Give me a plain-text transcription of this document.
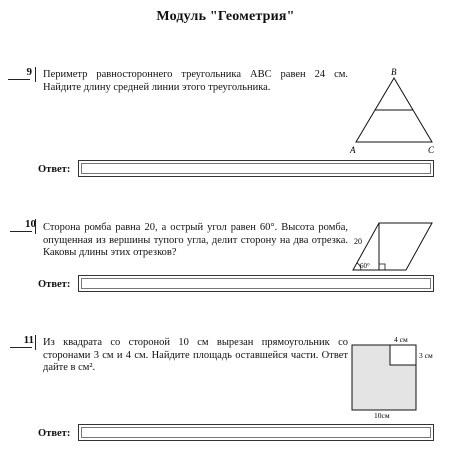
Модуль "Геометрия"
9 Периметр равностороннего треугольника ABC равен 24 см. Найдите длину средней линии этого треугольника.
B
A	C
Ответ:
10 Сторона ромба равна 20, а острый угол равен 60°. Высота ромба, опущенная из вершины тупого угла, делит сторону на два отрезка. Каковы длины этих отрезков?
20
60°
Ответ:
11 Из квадрата со стороной 10 см вырезан прямоугольник со сторонами 3 см и 4 см. Найдите площадь оставшейся части. Ответ дайте в см².
4 см
3 см
10см
Ответ:
